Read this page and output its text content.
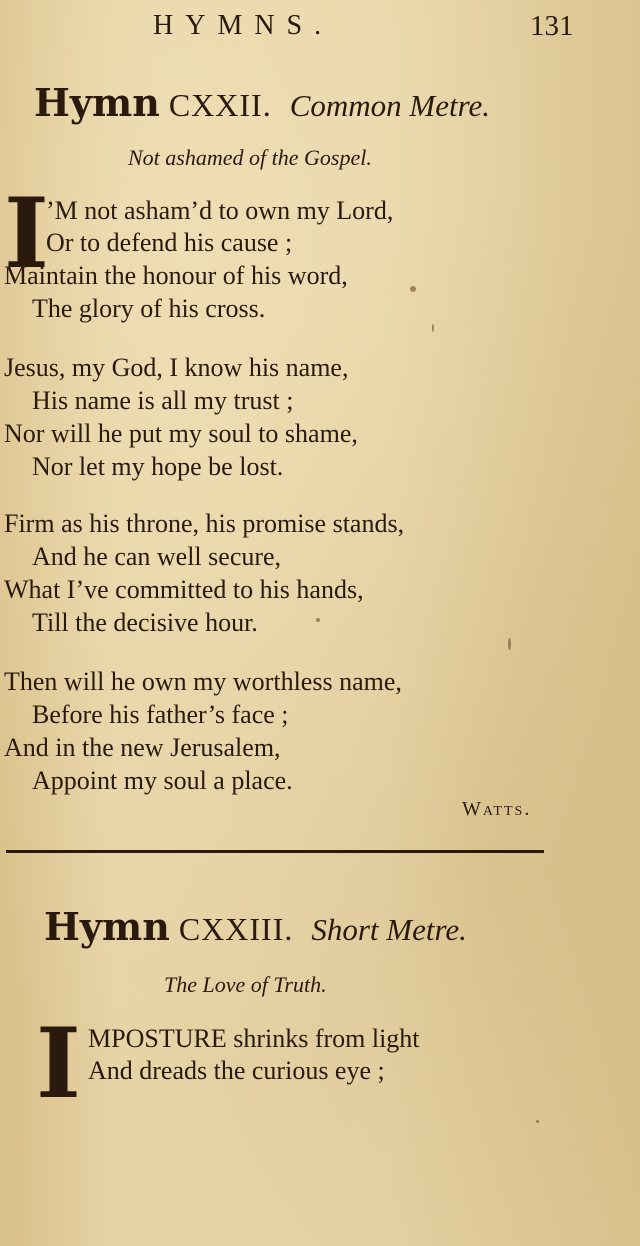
HYMNS.	131
Hymn CXXII. Common Metre.
Not ashamed of the Gospel.
I
’M not asham’d to own my Lord,
Or to defend his cause ;
Maintain the honour of his word,
The glory of his cross.
Jesus, my God, I know his name,
His name is all my trust ;
Nor will he put my soul to shame,
Nor let my hope be lost.
Firm as his throne, his promise stands,
And he can well secure,
What I’ve committed to his hands,
Till the decisive hour.
Then will he own my worthless name,
Before his father’s face ;
And in the new Jerusalem,
Appoint my soul a place.
Watts.
Hymn CXXIII. Short Metre.
The Love of Truth.
I MPOSTURE shrinks from light
And dreads the curious eye ;
